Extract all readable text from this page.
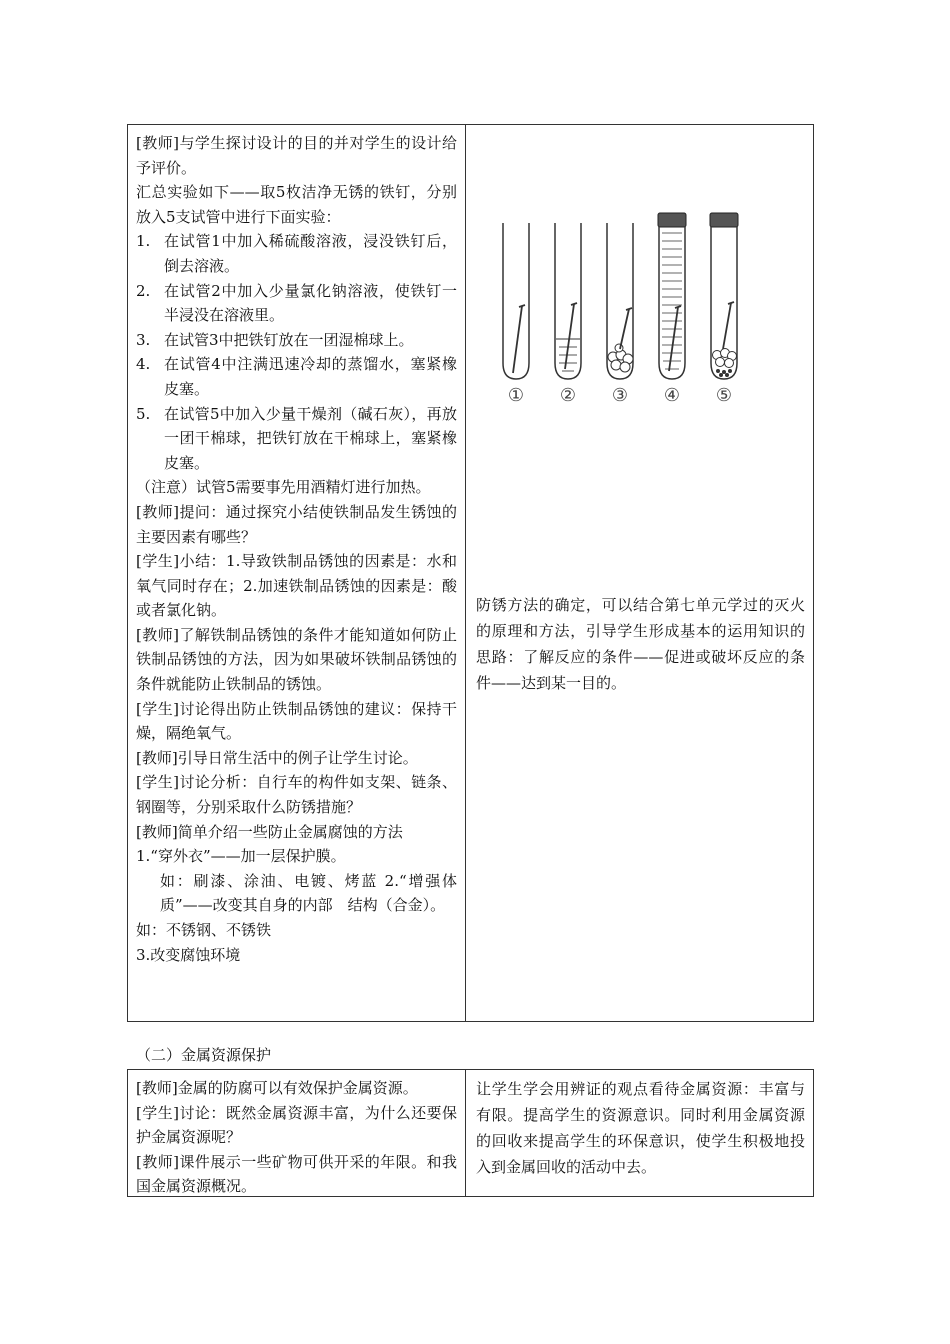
[教师]与学生探讨设计的目的并对学生的设计给予评价。

汇总实验如下——取5枚洁净无锈的铁钉，分别放入5支试管中进行下面实验：

1. 在试管1中加入稀硫酸溶液，浸没铁钉后，倒去溶液。
2. 在试管2中加入少量氯化钠溶液，使铁钉一半浸没在溶液里。
3. 在试管3中把铁钉放在一团湿棉球上。
4. 在试管4中注满迅速冷却的蒸馏水，塞紧橡皮塞。
5. 在试管5中加入少量干燥剂（碱石灰），再放一团干棉球，把铁钉放在干棉球上，塞紧橡皮塞。

（注意）试管5需要事先用酒精灯进行加热。

[教师]提问：通过探究小结使铁制品发生锈蚀的主要因素有哪些？

[学生]小结：1.导致铁制品锈蚀的因素是：水和氧气同时存在；2.加速铁制品锈蚀的因素是：酸或者氯化钠。

[教师]了解铁制品锈蚀的条件才能知道如何防止铁制品锈蚀的方法，因为如果破坏铁制品锈蚀的条件就能防止铁制品的锈蚀。

[学生]讨论得出防止铁制品锈蚀的建议：保持干燥，隔绝氧气。

[教师]引导日常生活中的例子让学生讨论。

[学生]讨论分析：自行车的构件如支架、链条、钢圈等，分别采取什么防锈措施？

[教师]简单介绍一些防止金属腐蚀的方法

1.“穿外衣”——加一层保护膜。

如：刷漆、涂油、电镀、烤蓝 2.“增强体质”——改变其自身的内部　结构（合金）。

如：不锈钢、不锈铁

3.改变腐蚀环境

① ② ③ ④ ⑤

防锈方法的确定，可以结合第七单元学过的灭火的原理和方法，引导学生形成基本的运用知识的思路：了解反应的条件——促进或破坏反应的条件——达到某一目的。

（二）金属资源保护

[教师]金属的防腐可以有效保护金属资源。

[学生]讨论：既然金属资源丰富，为什么还要保护金属资源呢？

[教师]课件展示一些矿物可供开采的年限。和我国金属资源概况。

让学生学会用辨证的观点看待金属资源：丰富与有限。提高学生的资源意识。同时利用金属资源的回收来提高学生的环保意识，使学生积极地投入到金属回收的活动中去。
